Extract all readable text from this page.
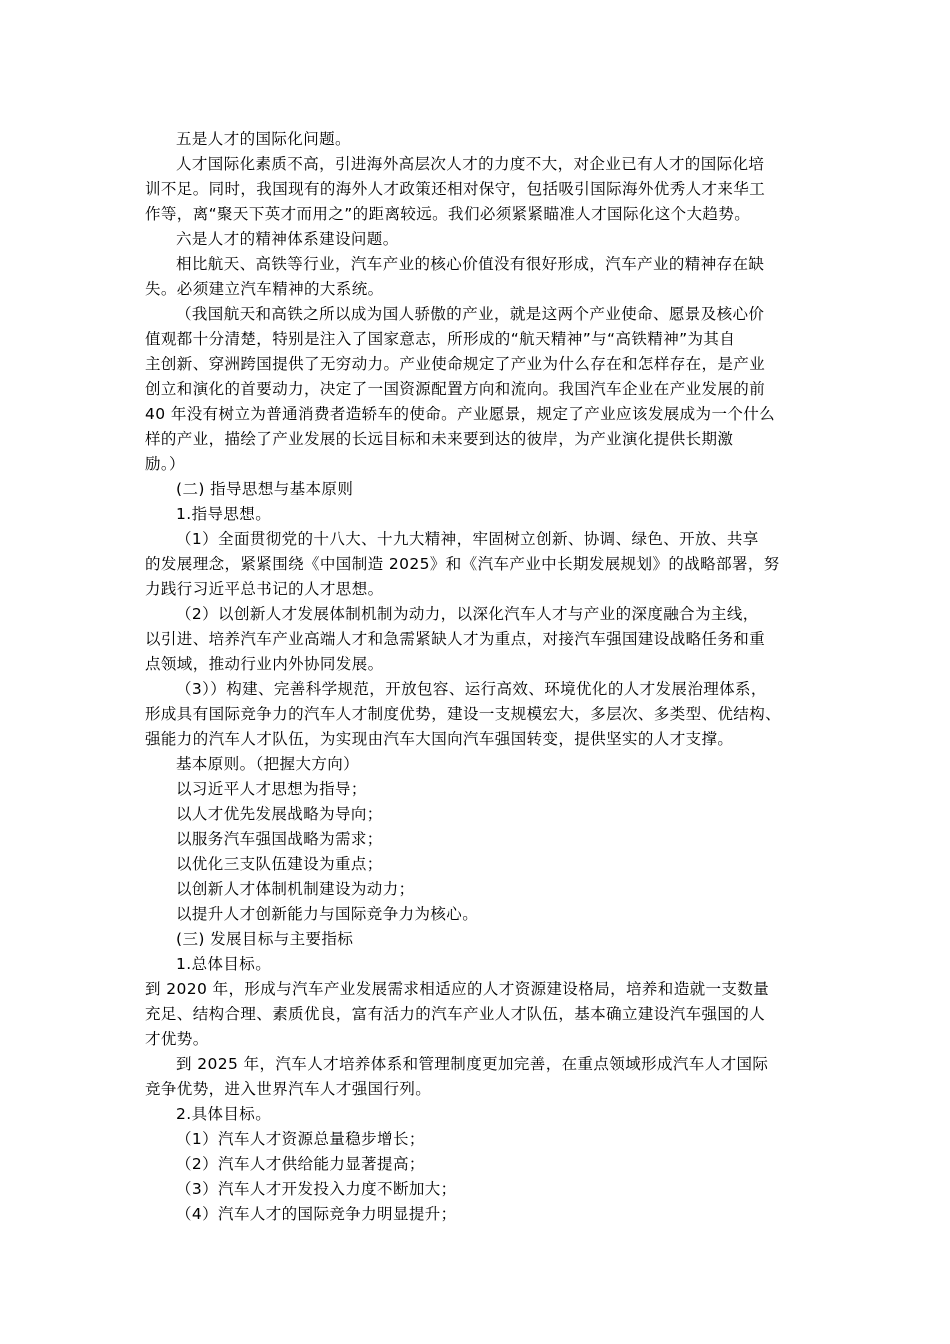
五是人才的国际化问题。
人才国际化素质不高，引进海外高层次人才的力度不大，对企业已有人才的国际化培
训不足。同时，我国现有的海外人才政策还相对保守，包括吸引国际海外优秀人才来华工
作等，离“聚天下英才而用之”的距离较远。我们必须紧紧瞄准人才国际化这个大趋势。
六是人才的精神体系建设问题。
相比航天、高铁等行业，汽车产业的核心价值没有很好形成，汽车产业的精神存在缺
失。必须建立汽车精神的大系统。
（我国航天和高铁之所以成为国人骄傲的产业，就是这两个产业使命、愿景及核心价
值观都十分清楚，特别是注入了国家意志，所形成的“航天精神”与“高铁精神”为其自
主创新、穿洲跨国提供了无穷动力。产业使命规定了产业为什么存在和怎样存在，是产业
创立和演化的首要动力，决定了一国资源配置方向和流向。我国汽车企业在产业发展的前
40 年没有树立为普通消费者造轿车的使命。产业愿景，规定了产业应该发展成为一个什么
样的产业，描绘了产业发展的长远目标和未来要到达的彼岸，为产业演化提供长期激
励。）
(二) 指导思想与基本原则
1.指导思想。
（1）全面贯彻党的十八大、十九大精神，牢固树立创新、协调、绿色、开放、共享
的发展理念，紧紧围绕《中国制造 2025》和《汽车产业中长期发展规划》的战略部署，努
力践行习近平总书记的人才思想。
（2）以创新人才发展体制机制为动力，以深化汽车人才与产业的深度融合为主线，
以引进、培养汽车产业高端人才和急需紧缺人才为重点，对接汽车强国建设战略任务和重
点领域，推动行业内外协同发展。
（3））构建、完善科学规范，开放包容、运行高效、环境优化的人才发展治理体系，
形成具有国际竞争力的汽车人才制度优势，建设一支规模宏大，多层次、多类型、优结构、
强能力的汽车人才队伍，为实现由汽车大国向汽车强国转变，提供坚实的人才支撑。
基本原则。（把握大方向）
以习近平人才思想为指导；
以人才优先发展战略为导向；
以服务汽车强国战略为需求；
以优化三支队伍建设为重点；
以创新人才体制机制建设为动力；
以提升人才创新能力与国际竞争力为核心。
(三) 发展目标与主要指标
1.总体目标。
到 2020 年，形成与汽车产业发展需求相适应的人才资源建设格局，培养和造就一支数量
充足、结构合理、素质优良，富有活力的汽车产业人才队伍，基本确立建设汽车强国的人
才优势。
到 2025 年，汽车人才培养体系和管理制度更加完善，在重点领域形成汽车人才国际
竞争优势，进入世界汽车人才强国行列。
2.具体目标。
（1）汽车人才资源总量稳步增长；
（2）汽车人才供给能力显著提高；
（3）汽车人才开发投入力度不断加大；
（4）汽车人才的国际竞争力明显提升；
